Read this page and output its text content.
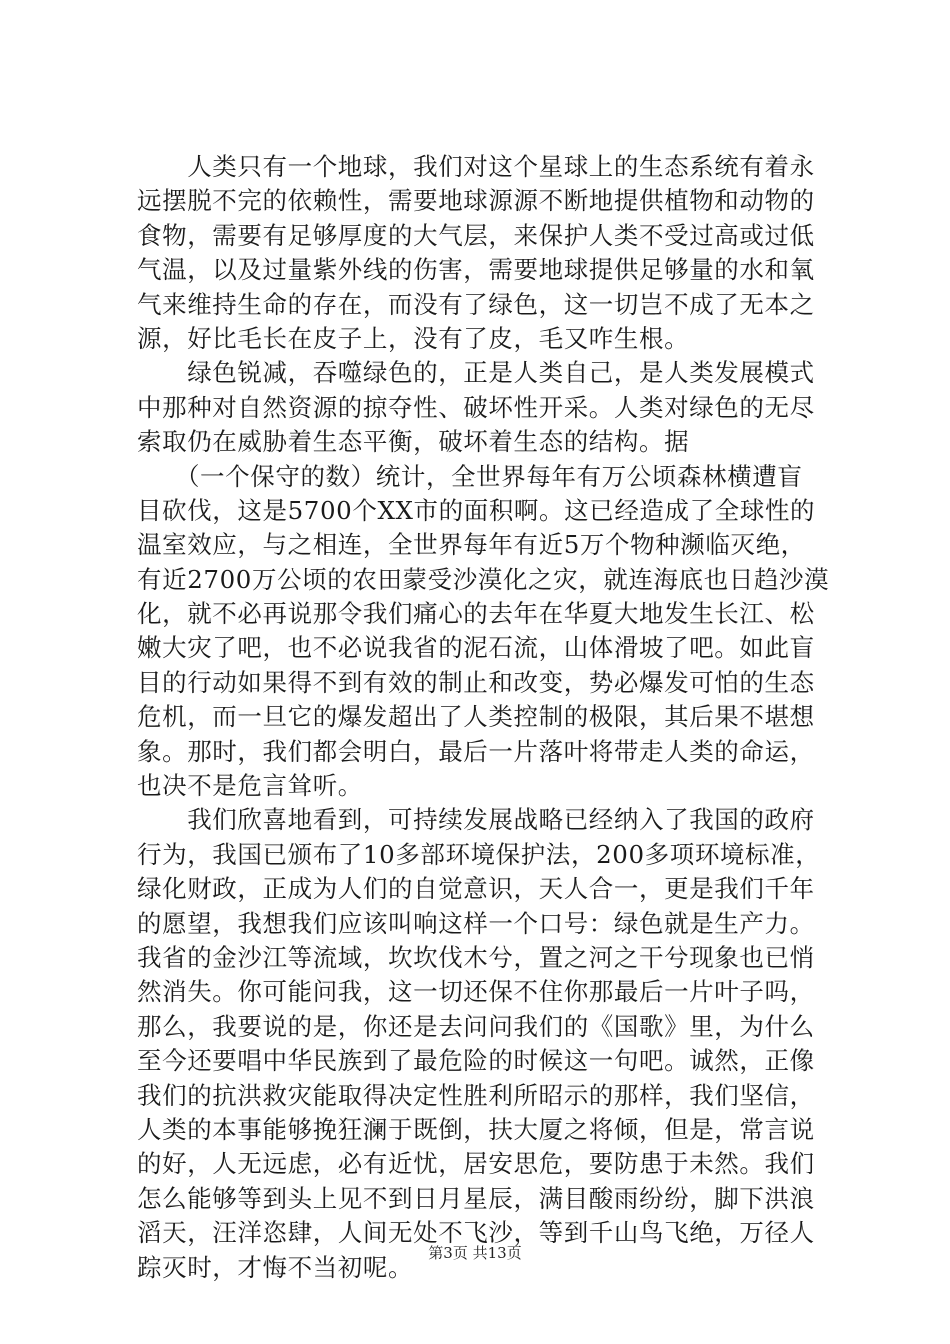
　　人类只有一个地球，我们对这个星球上的生态系统有着永
远摆脱不完的依赖性，需要地球源源不断地提供植物和动物的
食物，需要有足够厚度的大气层，来保护人类不受过高或过低
气温，以及过量紫外线的伤害，需要地球提供足够量的水和氧
气来维持生命的存在，而没有了绿色，这一切岂不成了无本之
源，好比毛长在皮子上，没有了皮，毛又咋生根。
　　绿色锐减，吞噬绿色的，正是人类自己，是人类发展模式
中那种对自然资源的掠夺性、破坏性开采。人类对绿色的无尽
索取仍在威胁着生态平衡，破坏着生态的结构。据
　　（一个保守的数）统计，全世界每年有万公顷森林横遭盲
目砍伐，这是5700个XX市的面积啊。这已经造成了全球性的
温室效应，与之相连，全世界每年有近5万个物种濒临灭绝，
有近2700万公顷的农田蒙受沙漠化之灾，就连海底也日趋沙漠
化，就不必再说那令我们痛心的去年在华夏大地发生长江、松
嫩大灾了吧，也不必说我省的泥石流，山体滑坡了吧。如此盲
目的行动如果得不到有效的制止和改变，势必爆发可怕的生态
危机，而一旦它的爆发超出了人类控制的极限，其后果不堪想
象。那时，我们都会明白，最后一片落叶将带走人类的命运，
也决不是危言耸听。
　　我们欣喜地看到，可持续发展战略已经纳入了我国的政府
行为，我国已颁布了10多部环境保护法，200多项环境标准，
绿化财政，正成为人们的自觉意识，天人合一，更是我们千年
的愿望，我想我们应该叫响这样一个口号：绿色就是生产力。
我省的金沙江等流域，坎坎伐木兮，置之河之干兮现象也已悄
然消失。你可能问我，这一切还保不住你那最后一片叶子吗，
那么，我要说的是，你还是去问问我们的《国歌》里，为什么
至今还要唱中华民族到了最危险的时候这一句吧。诚然，正像
我们的抗洪救灾能取得决定性胜利所昭示的那样，我们坚信，
人类的本事能够挽狂澜于既倒，扶大厦之将倾，但是，常言说
的好，人无远虑，必有近忧，居安思危，要防患于未然。我们
怎么能够等到头上见不到日月星辰，满目酸雨纷纷，脚下洪浪
滔天，汪洋恣肆，人间无处不飞沙，等到千山鸟飞绝，万径人
踪灭时，才悔不当初呢。	第3页 共13页
